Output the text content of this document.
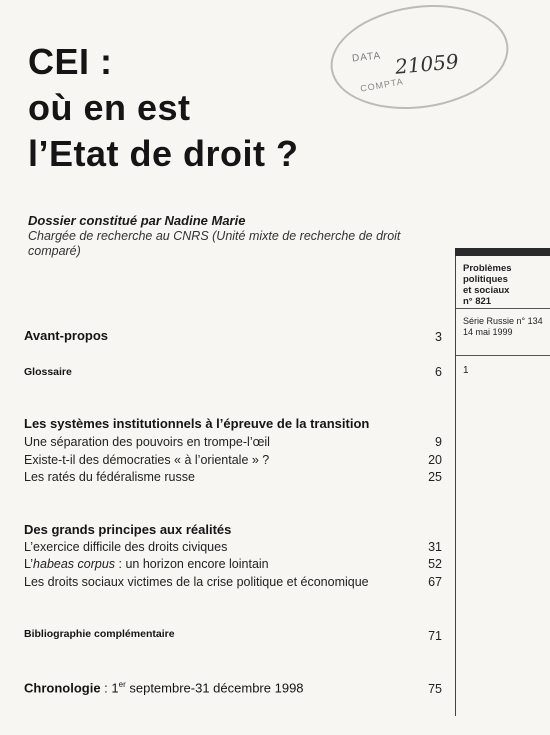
DATA 21059
COMPTA
CEI :
où en est
l’Etat de droit ?
Dossier constitué par Nadine Marie
Chargée de recherche au CNRS (Unité mixte de recherche de droit comparé)
Problèmes
politiques
et sociaux
n° 821
Série Russie n° 134
14 mai 1999
1
Avant-propos	3
Glossaire	6
Les systèmes institutionnels à l’épreuve de la transition
Une séparation des pouvoirs en trompe-l’œil	9
Existe-t-il des démocraties « à l’orientale » ?	20
Les ratés du fédéralisme russe	25
Des grands principes aux réalités
L’exercice difficile des droits civiques	31
L’habeas corpus : un horizon encore lointain	52
Les droits sociaux victimes de la crise politique et économique	67
Bibliographie complémentaire	71
Chronologie : 1er septembre-31 décembre 1998	75
